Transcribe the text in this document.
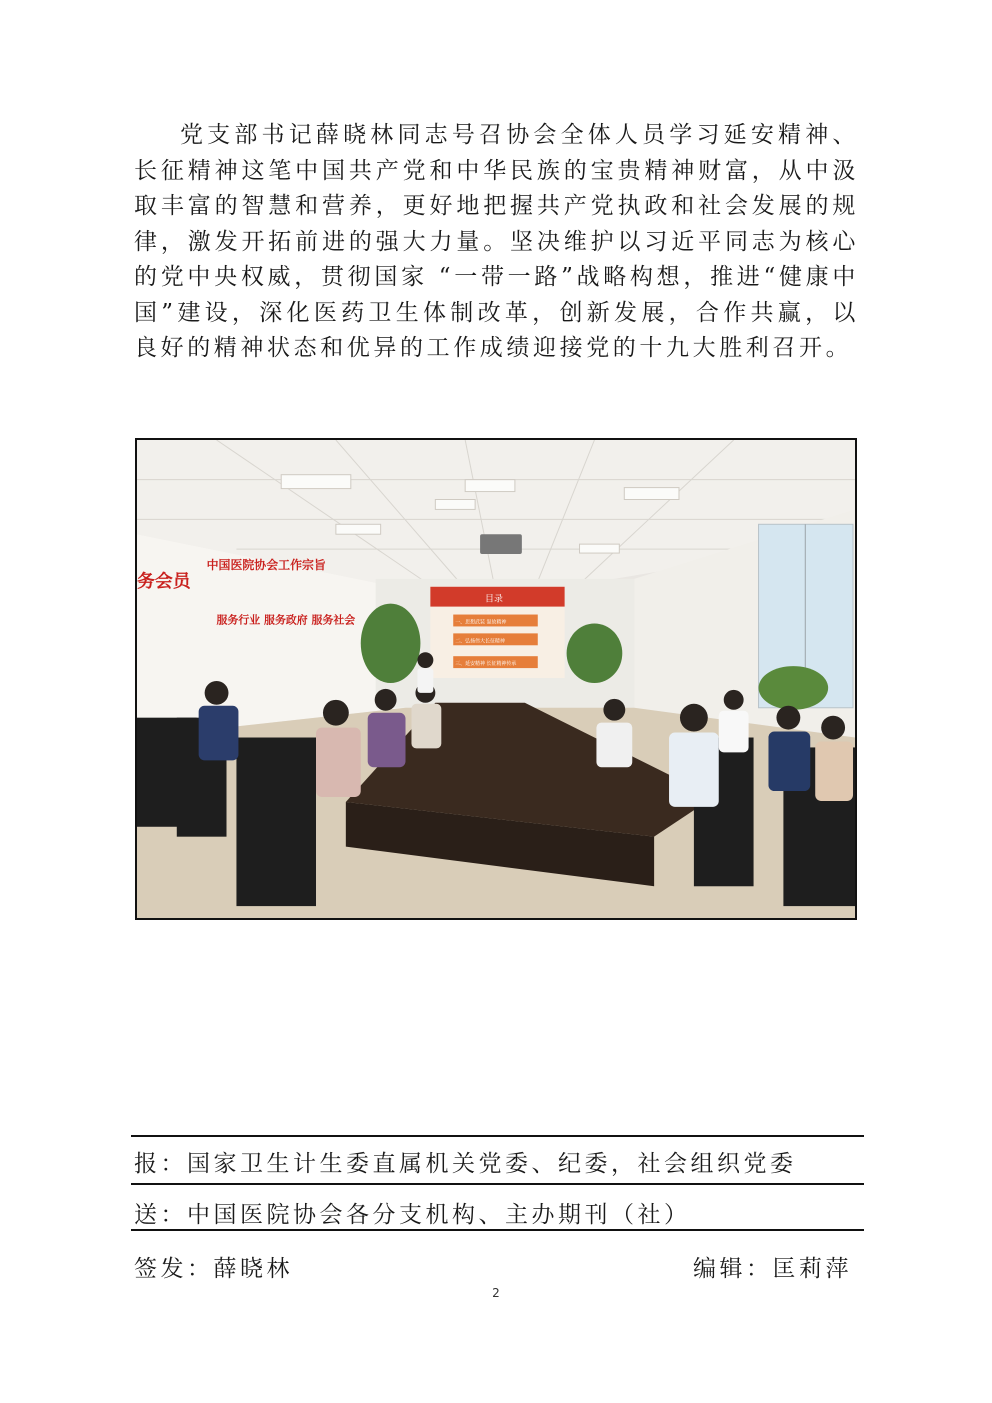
党支部书记薛晓林同志号召协会全体人员学习延安精神、长征精神这笔中国共产党和中华民族的宝贵精神财富，从中汲取丰富的智慧和营养，更好地把握共产党执政和社会发展的规律，激发开拓前进的强大力量。坚决维护以习近平同志为核心的党中央权威，贯彻国家 “一带一路”战略构想，推进“健康中国”建设，深化医药卫生体制改革，创新发展，合作共赢，以良好的精神状态和优异的工作成绩迎接党的十九大胜利召开。

务会员
中国医院协会工作宗旨
服务行业 服务政府 服务社会
目录
一、思想武装 温故精神
二、弘扬伟大长征精神
三、延安精神 长征精神传承
报：国家卫生计生委直属机关党委、纪委，社会组织党委
送：中国医院协会各分支机构、主办期刊（社）
签发：薛晓林	编辑：匡莉萍
2
